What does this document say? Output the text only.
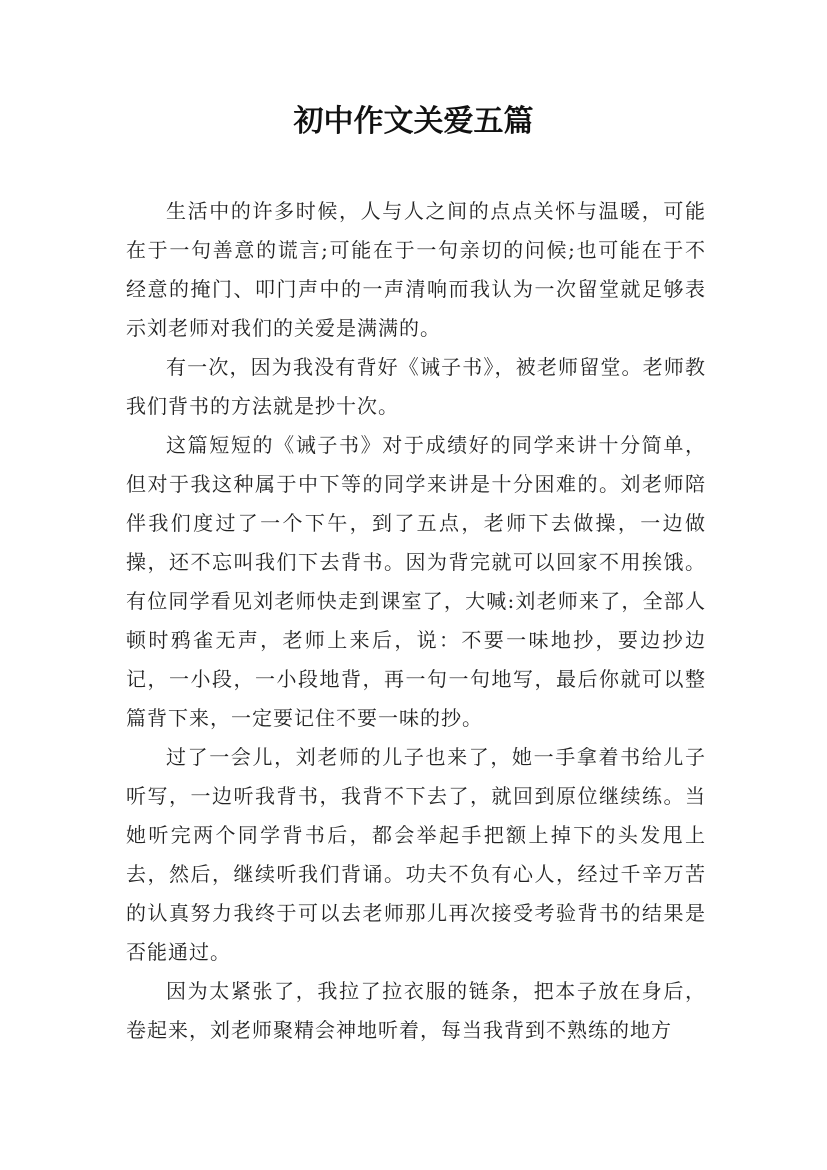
初中作文关爱五篇

生活中的许多时候，人与人之间的点点关怀与温暖，可能在于一句善意的谎言;可能在于一句亲切的问候;也可能在于不经意的掩门、叩门声中的一声清响而我认为一次留堂就足够表示刘老师对我们的关爱是满满的。

有一次，因为我没有背好《诫子书》，被老师留堂。老师教我们背书的方法就是抄十次。

这篇短短的《诫子书》对于成绩好的同学来讲十分简单，但对于我这种属于中下等的同学来讲是十分困难的。刘老师陪伴我们度过了一个下午，到了五点，老师下去做操，一边做操，还不忘叫我们下去背书。因为背完就可以回家不用挨饿。有位同学看见刘老师快走到课室了，大喊:刘老师来了，全部人顿时鸦雀无声，老师上来后，说：不要一味地抄，要边抄边记，一小段，一小段地背，再一句一句地写，最后你就可以整篇背下来，一定要记住不要一味的抄。

过了一会儿，刘老师的儿子也来了，她一手拿着书给儿子听写，一边听我背书，我背不下去了，就回到原位继续练。当她听完两个同学背书后，都会举起手把额上掉下的头发甩上去，然后，继续听我们背诵。功夫不负有心人，经过千辛万苦的认真努力我终于可以去老师那儿再次接受考验背书的结果是否能通过。

因为太紧张了，我拉了拉衣服的链条，把本子放在身后，卷起来，刘老师聚精会神地听着，每当我背到不熟练的地方
